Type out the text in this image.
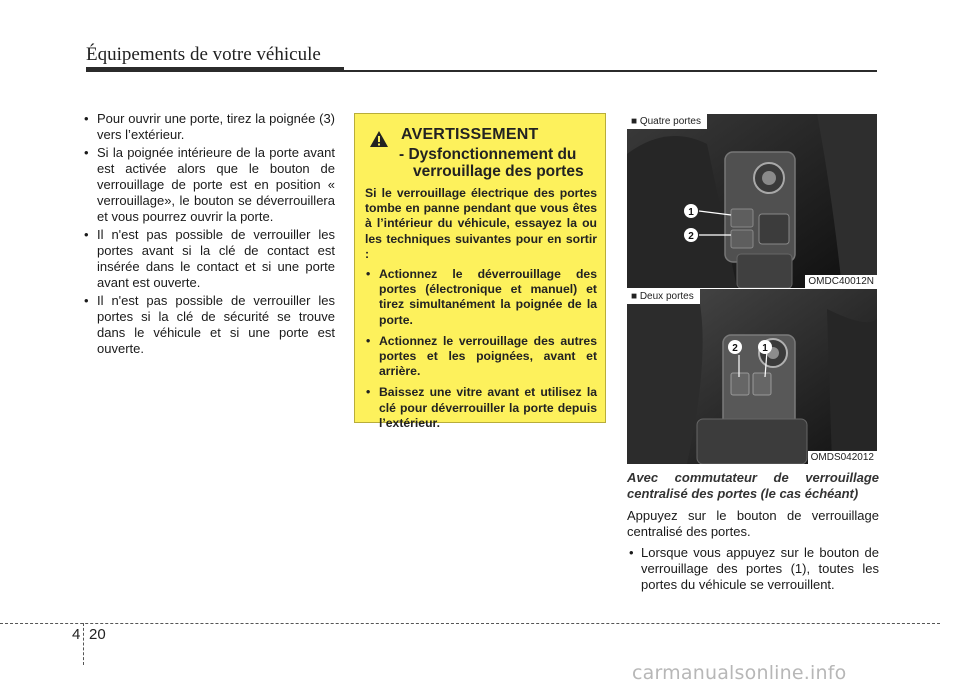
Équipements de votre véhicule
• Pour ouvrir une porte, tirez la poignée (3) vers l’extérieur.
• Si la poignée intérieure de la porte avant est activée alors que le bouton de verrouillage de porte est en position « verrouillage», le bouton se déverrouillera et vous pourrez ouvrir la porte.
• Il n'est pas possible de verrouiller les portes avant si la clé de contact est insérée dans le contact et si une porte avant est ouverte.
• Il n'est pas possible de verrouiller les portes si la clé de sécurité se trouve dans le véhicule et si une porte est ouverte.
AVERTISSEMENT
- Dysfonctionnement du
verrouillage des portes

Si le verrouillage électrique des portes tombe en panne pendant que vous êtes à l’intérieur du véhicule, essayez la ou les techniques suivantes pour en sortir :

• Actionnez le déverrouillage des portes (électronique et manuel) et tirez simultanément la poignée de la porte.
• Actionnez le verrouillage des autres portes et les poignées, avant et arrière.
• Baissez une vitre avant et utilisez la clé pour déverrouiller la porte depuis l’extérieur.
1
2
■ Quatre portes
OMDC40012N
2 1
■ Deux portes
OMDS042012
Avec commutateur de verrouillage centralisé des portes (le cas échéant)

Appuyez sur le bouton de verrouillage centralisé des portes.

• Lorsque vous appuyez sur le bouton de verrouillage des portes (1), toutes les portes du véhicule se verrouillent.
4 20
carmanualsonline.info
